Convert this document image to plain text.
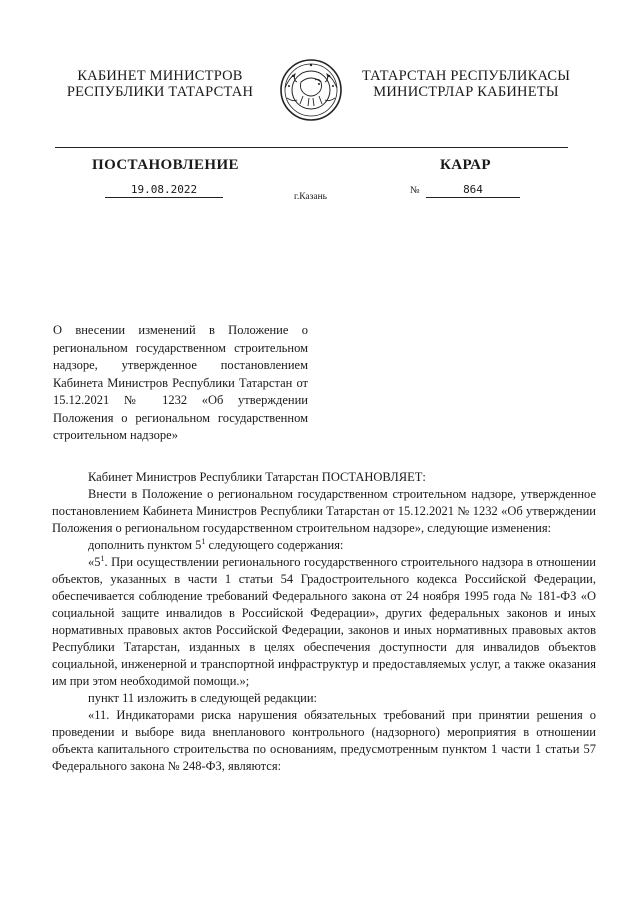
КАБИНЕТ МИНИСТРОВ
РЕСПУБЛИКИ ТАТАРСТАН
ТАТАРСТАН РЕСПУБЛИКАСЫ
МИНИСТРЛАР КАБИНЕТЫ
ПОСТАНОВЛЕНИЕ	КАРАР
19.08.2022
г.Казань
№	864
О внесении изменений в Положение о региональном государственном строительном надзоре, утвержденное постановлением Кабинета Министров Республики Татарстан от 15.12.2021 № 1232 «Об утверждении Положения о региональном государственном строительном надзоре»

Кабинет Министров Республики Татарстан ПОСТАНОВЛЯЕТ:

Внести в Положение о региональном государственном строительном надзоре, утвержденное постановлением Кабинета Министров Республики Татарстан от 15.12.2021 № 1232 «Об утверждении Положения о региональном государственном строительном надзоре», следующие изменения:

дополнить пунктом $5^1$ следующего содержания:

«$5^1$. При осуществлении регионального государственного строительного надзора в отношении объектов, указанных в части 1 статьи 54 Градостроительного кодекса Российской Федерации, обеспечивается соблюдение требований Федерального закона от 24 ноября 1995 года № 181-ФЗ «О социальной защите инвалидов в Российской Федерации», других федеральных законов и иных нормативных правовых актов Российской Федерации, законов и иных нормативных правовых актов Республики Татарстан, изданных в целях обеспечения доступности для инвалидов объектов социальной, инженерной и транспортной инфраструктур и предоставляемых услуг, а также оказания им при этом необходимой помощи.»;

пункт 11 изложить в следующей редакции:

«11. Индикаторами риска нарушения обязательных требований при принятии решения о проведении и выборе вида внепланового контрольного (надзорного) мероприятия в отношении объекта капитального строительства по основаниям, предусмотренным пунктом 1 части 1 статьи 57 Федерального закона № 248-ФЗ, являются:
